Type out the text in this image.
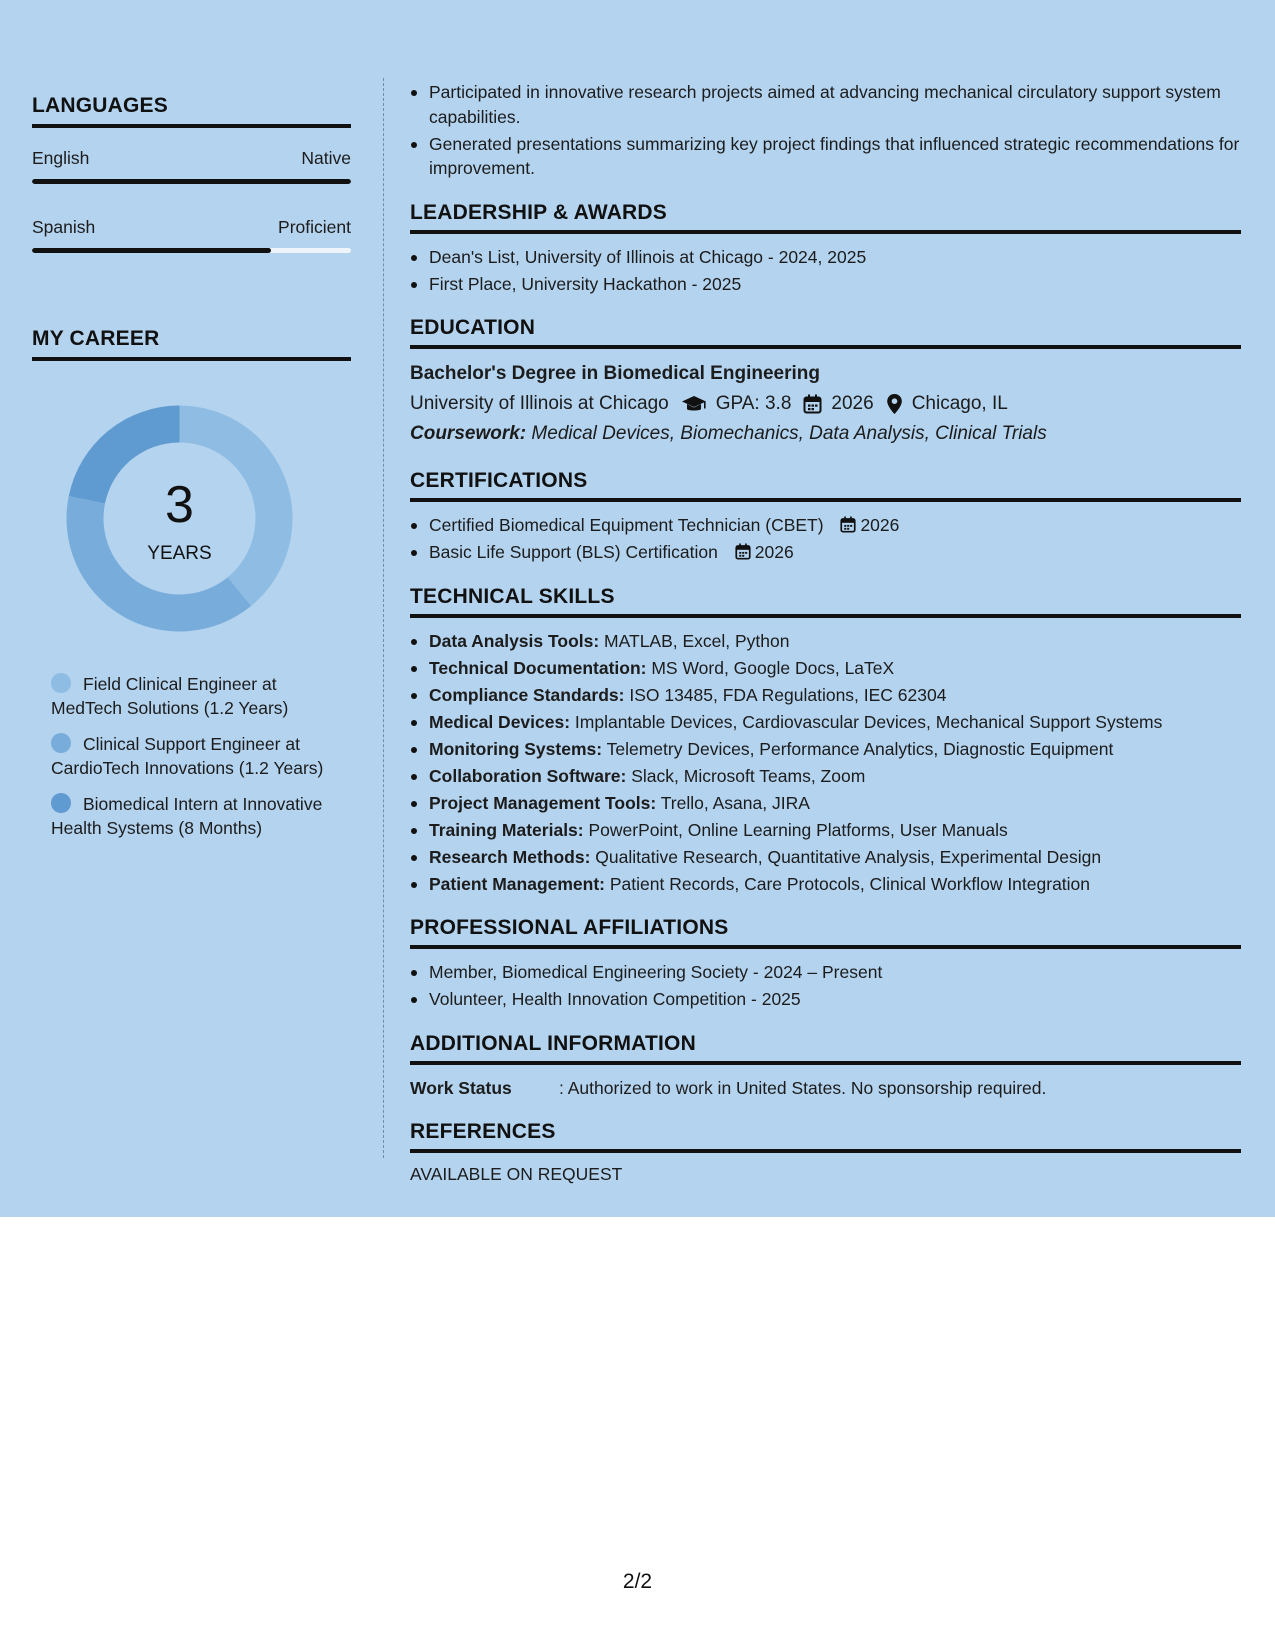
LANGUAGES
English	Native
Spanish	Proficient
MY CAREER
3
YEARS
Field Clinical Engineer at MedTech Solutions (1.2 Years)
Clinical Support Engineer at CardioTech Innovations (1.2 Years)
Biomedical Intern at Innovative Health Systems (8 Months)
Participated in innovative research projects aimed at advancing mechanical circulatory support system capabilities.
Generated presentations summarizing key project findings that influenced strategic recommendations for improvement.
LEADERSHIP & AWARDS
Dean's List, University of Illinois at Chicago - 2024, 2025
First Place, University Hackathon - 2025
EDUCATION
Bachelor's Degree in Biomedical Engineering
University of Illinois at Chicago GPA: 3.8 2026 Chicago, IL
Coursework: Medical Devices, Biomechanics, Data Analysis, Clinical Trials
CERTIFICATIONS
Certified Biomedical Equipment Technician (CBET) 2026
Basic Life Support (BLS) Certification 2026
TECHNICAL SKILLS
Data Analysis Tools: MATLAB, Excel, Python
Technical Documentation: MS Word, Google Docs, LaTeX
Compliance Standards: ISO 13485, FDA Regulations, IEC 62304
Medical Devices: Implantable Devices, Cardiovascular Devices, Mechanical Support Systems
Monitoring Systems: Telemetry Devices, Performance Analytics, Diagnostic Equipment
Collaboration Software: Slack, Microsoft Teams, Zoom
Project Management Tools: Trello, Asana, JIRA
Training Materials: PowerPoint, Online Learning Platforms, User Manuals
Research Methods: Qualitative Research, Quantitative Analysis, Experimental Design
Patient Management: Patient Records, Care Protocols, Clinical Workflow Integration
PROFESSIONAL AFFILIATIONS
Member, Biomedical Engineering Society - 2024 – Present
Volunteer, Health Innovation Competition - 2025
ADDITIONAL INFORMATION
Work Status	: Authorized to work in United States. No sponsorship required.
REFERENCES
AVAILABLE ON REQUEST
2/2
